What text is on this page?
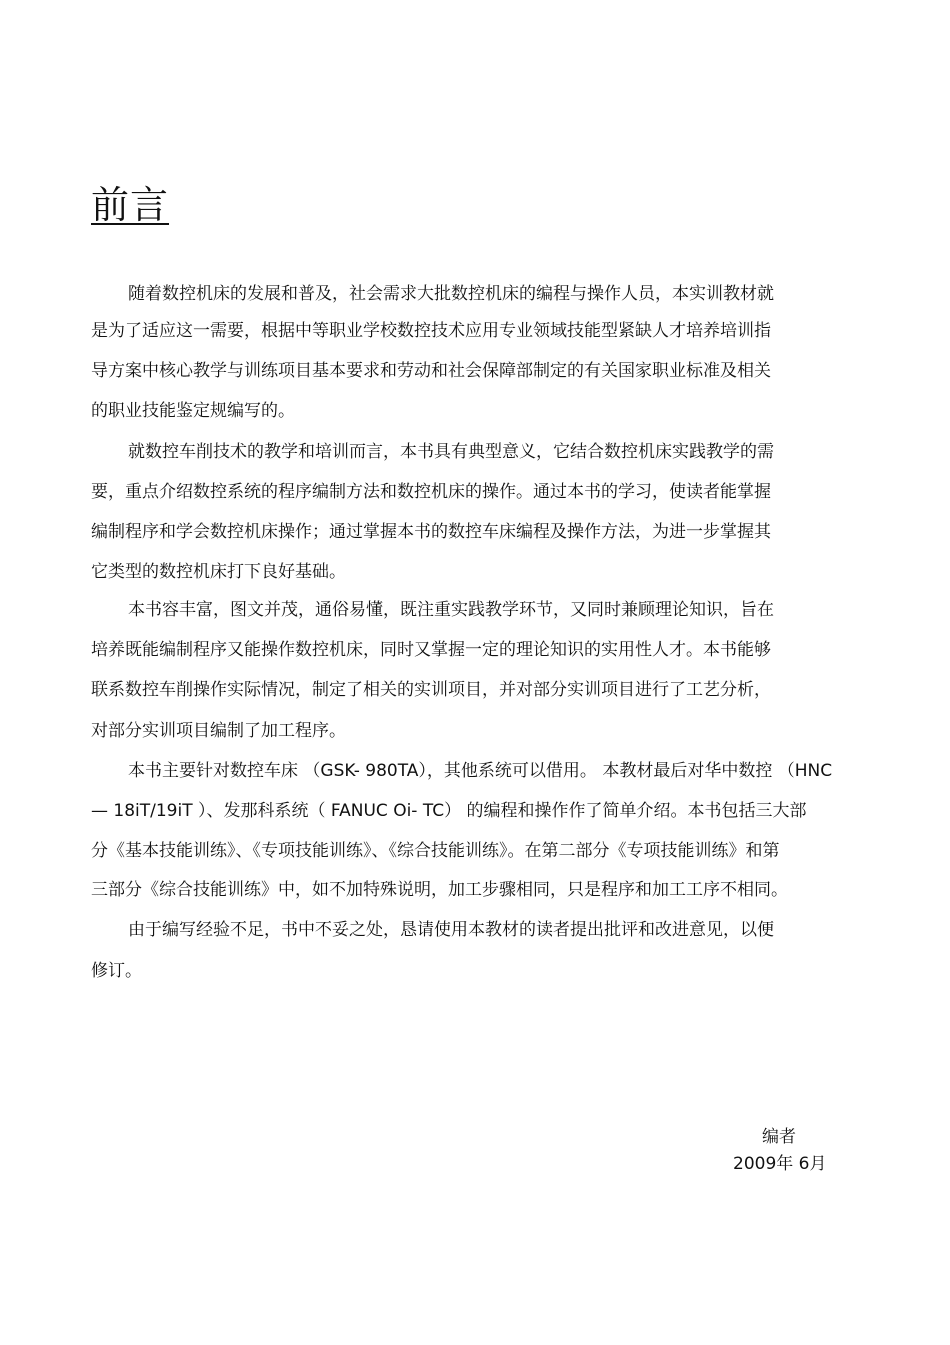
前言
随着数控机床的发展和普及，社会需求大批数控机床的编程与操作人员，本实训教材就
是为了适应这一需要，根据中等职业学校数控技术应用专业领域技能型紧缺人才培养培训指
导方案中核心教学与训练项目基本要求和劳动和社会保障部制定的有关国家职业标准及相关
的职业技能鉴定规编写的。
就数控车削技术的教学和培训而言，本书具有典型意义，它结合数控机床实践教学的需
要，重点介绍数控系统的程序编制方法和数控机床的操作。通过本书的学习，使读者能掌握
编制程序和学会数控机床操作；通过掌握本书的数控车床编程及操作方法，为进一步掌握其
它类型的数控机床打下良好基础。
本书容丰富，图文并茂，通俗易懂，既注重实践教学环节，又同时兼顾理论知识，旨在
培养既能编制程序又能操作数控机床，同时又掌握一定的理论知识的实用性人才。本书能够
联系数控车削操作实际情况，制定了相关的实训项目，并对部分实训项目进行了工艺分析，
对部分实训项目编制了加工程序。
本书主要针对数控车床 （GSK- 980TA），其他系统可以借用。 本教材最后对华中数控 （HNC
— 18iT/19iT ）、发那科系统（ FANUC Oi- TC） 的编程和操作作了简单介绍。本书包括三大部
分《基本技能训练》、《专项技能训练》、《综合技能训练》。在第二部分《专项技能训练》和第
三部分《综合技能训练》中，如不加特殊说明，加工步骤相同，只是程序和加工工序不相同。
由于编写经验不足，书中不妥之处，恳请使用本教材的读者提出批评和改进意见，以便
修订。
编者
2009年 6月
